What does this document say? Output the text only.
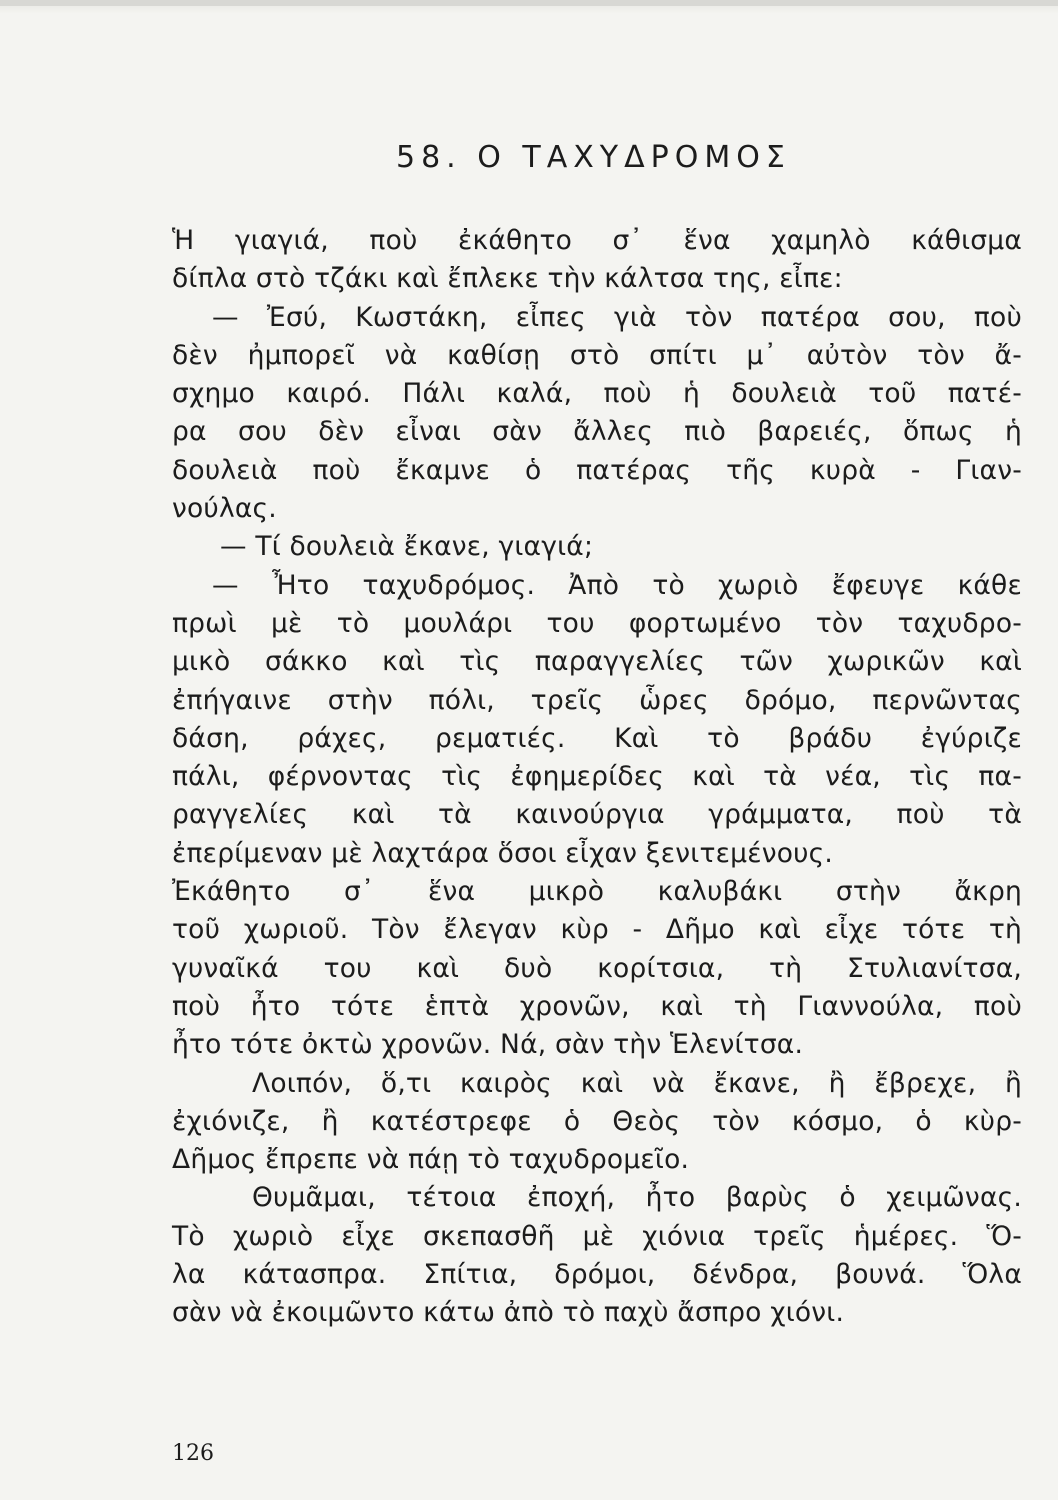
58. Ο ΤΑΧΥΔΡΟΜΟΣ
Ἡ γιαγιά, ποὺ ἐκάθητο σ᾿ ἕνα χαμηλὸ κάθισμα
δίπλα στὸ τζάκι καὶ ἔπλεκε τὴν κάλτσα της, εἶπε:
— Ἐσύ, Κωστάκη, εἶπες γιὰ τὸν πατέρα σου, ποὺ
δὲν ἠμπορεῖ νὰ καθίσῃ στὸ σπίτι μ᾿ αὐτὸν τὸν ἄ-
σχημο καιρό. Πάλι καλά, ποὺ ἡ δουλειὰ τοῦ πατέ-
ρα σου δὲν εἶναι σὰν ἄλλες πιὸ βαρειές, ὅπως ἡ
δουλειὰ ποὺ ἔκαμνε ὁ πατέρας τῆς κυρὰ - Γιαν-
νούλας.
— Τί δουλειὰ ἔκανε, γιαγιά;
— Ἦτο ταχυδρόμος. Ἀπὸ τὸ χωριὸ ἔφευγε κάθε
πρωὶ μὲ τὸ μουλάρι του φορτωμένο τὸν ταχυδρο-
μικὸ σάκκο καὶ τὶς παραγγελίες τῶν χωρικῶν καὶ
ἐπήγαινε στὴν πόλι, τρεῖς ὧρες δρόμο, περνῶντας
δάση, ράχες, ρεματιές. Καὶ τὸ βράδυ ἐγύριζε
πάλι, φέρνοντας τὶς ἐφημερίδες καὶ τὰ νέα, τὶς πα-
ραγγελίες καὶ τὰ καινούργια γράμματα, ποὺ τὰ
ἐπερίμεναν μὲ λαχτάρα ὅσοι εἶχαν ξενιτεμένους.
Ἐκάθητο σ᾿ ἕνα μικρὸ καλυβάκι στὴν ἄκρη
τοῦ χωριοῦ. Τὸν ἔλεγαν κὺρ - Δῆμο καὶ εἶχε τότε τὴ
γυναῖκά του καὶ δυὸ κορίτσια, τὴ Στυλιανίτσα,
ποὺ ἦτο τότε ἑπτὰ χρονῶν, καὶ τὴ Γιαννούλα, ποὺ
ἦτο τότε ὀκτὼ χρονῶν. Νά, σὰν τὴν Ἑλενίτσα.
Λοιπόν, ὅ,τι καιρὸς καὶ νὰ ἔκανε, ἢ ἔβρεχε, ἢ
ἐχιόνιζε, ἢ κατέστρεφε ὁ Θεὸς τὸν κόσμο, ὁ κὺρ-
Δῆμος ἔπρεπε νὰ πάῃ τὸ ταχυδρομεῖο.
Θυμᾶμαι, τέτοια ἐποχή, ἦτο βαρὺς ὁ χειμῶνας.
Τὸ χωριὸ εἶχε σκεπασθῆ μὲ χιόνια τρεῖς ἡμέρες. Ὅ-
λα κάτασπρα. Σπίτια, δρόμοι, δένδρα, βουνά. Ὅλα
σὰν νὰ ἐκοιμῶντο κάτω ἀπὸ τὸ παχὺ ἄσπρο χιόνι.
126
